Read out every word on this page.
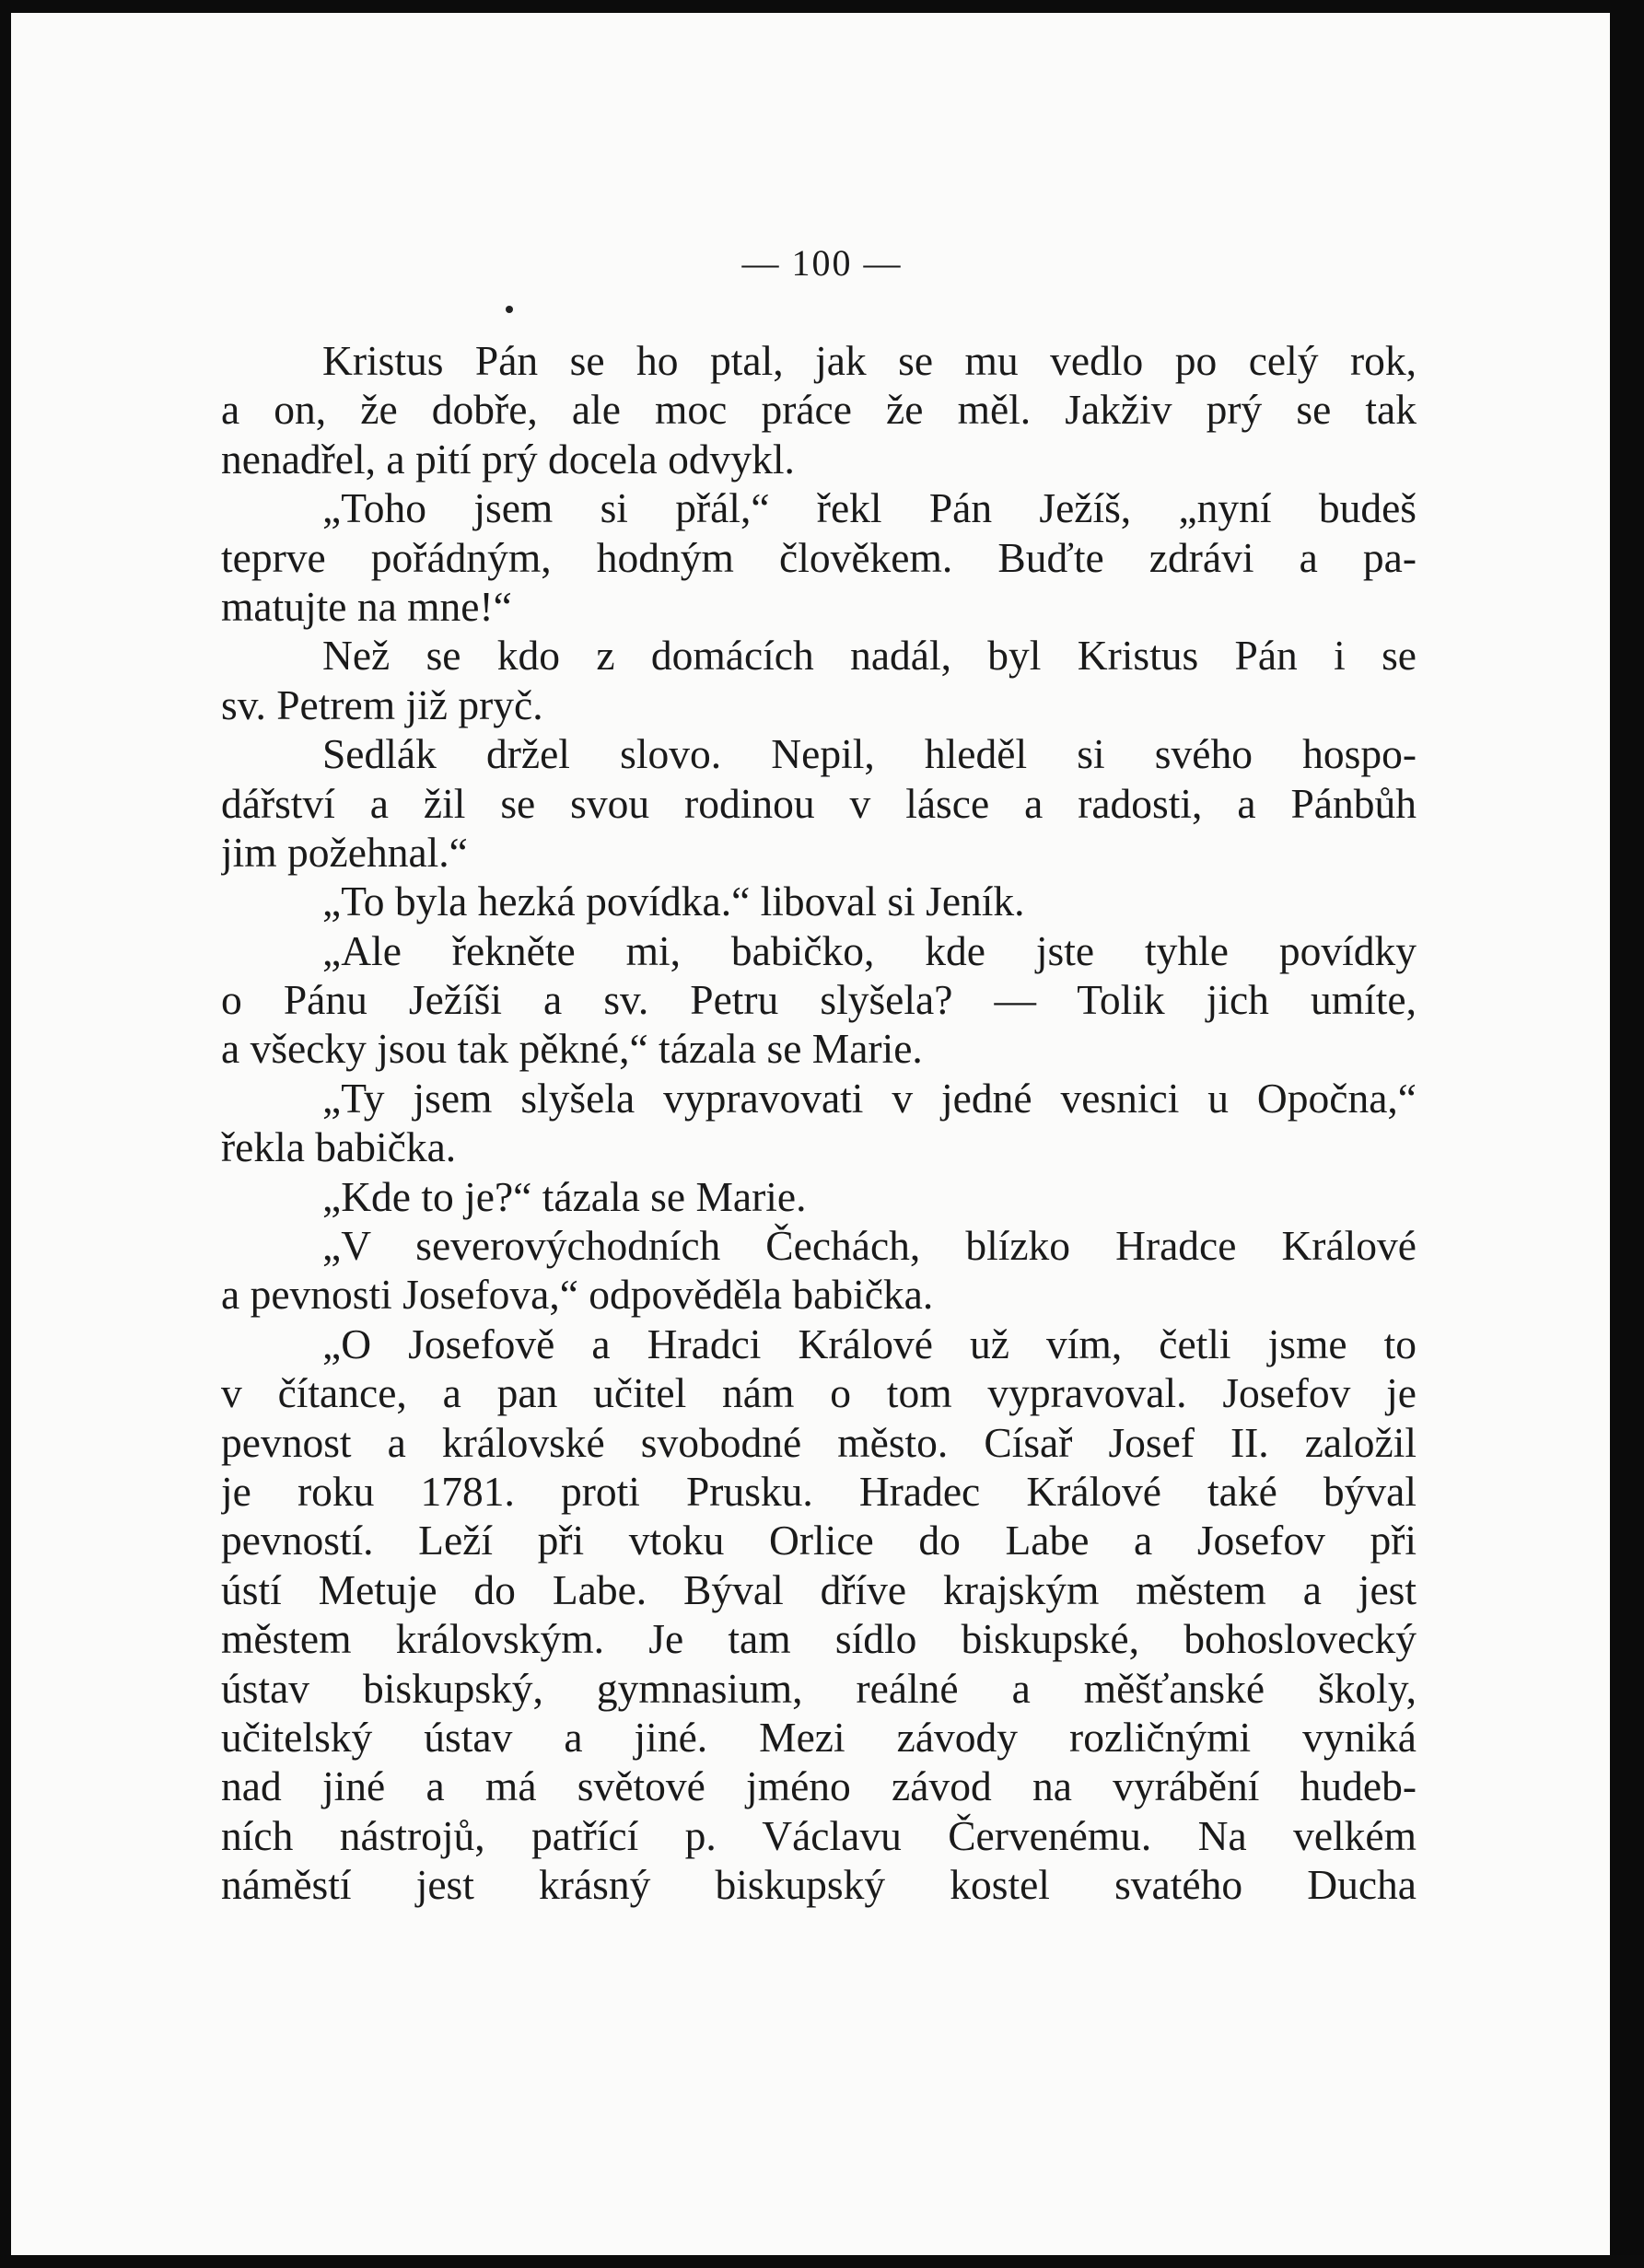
— 100 —
Kristus Pán se ho ptal, jak se mu vedlo po celý rok,
a on, že dobře, ale moc práce že měl. Jakživ prý se tak
nenadřel, a pití prý docela odvykl.
„Toho jsem si přál,“ řekl Pán Ježíš, „nyní budeš
teprve pořádným, hodným člověkem. Buďte zdrávi a pa-
matujte na mne!“
Než se kdo z domácích nadál, byl Kristus Pán i se
sv. Petrem již pryč.
Sedlák držel slovo. Nepil, hleděl si svého hospo-
dářství a žil se svou rodinou v lásce a radosti, a Pánbůh
jim požehnal.“
„To byla hezká povídka.“ liboval si Jeník.
„Ale řekněte mi, babičko, kde jste tyhle povídky
o Pánu Ježíši a sv. Petru slyšela? — Tolik jich umíte,
a všecky jsou tak pěkné,“ tázala se Marie.
„Ty jsem slyšela vypravovati v jedné vesnici u Opočna,“
řekla babička.
„Kde to je?“ tázala se Marie.
„V severovýchodních Čechách, blízko Hradce Králové
a pevnosti Josefova,“ odpověděla babička.
„O Josefově a Hradci Králové už vím, četli jsme to
v čítance, a pan učitel nám o tom vypravoval. Josefov je
pevnost a královské svobodné město. Císař Josef II. založil
je roku 1781. proti Prusku. Hradec Králové také býval
pevností. Leží při vtoku Orlice do Labe a Josefov při
ústí Metuje do Labe. Býval dříve krajským městem a jest
městem královským. Je tam sídlo biskupské, bohoslovecký
ústav biskupský, gymnasium, reálné a měšťanské školy,
učitelský ústav a jiné. Mezi závody rozličnými vyniká
nad jiné a má světové jméno závod na vyrábění hudeb-
ních nástrojů, patřící p. Václavu Červenému. Na velkém
náměstí jest krásný biskupský kostel svatého Ducha
